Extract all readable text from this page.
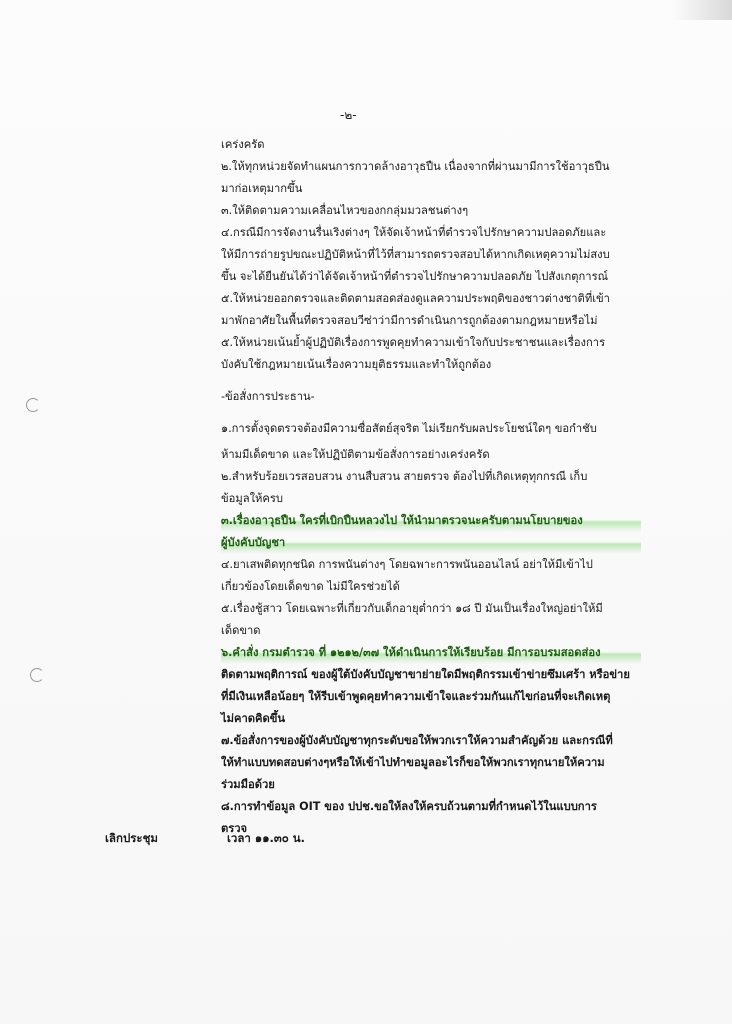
-๒-
เคร่งครัด
๒.ให้ทุกหน่วยจัดทำแผนการกวาดล้างอาวุธปืน เนื่องจากที่ผ่านมามีการใช้อาวุธปืน
มาก่อเหตุมากขึ้น
๓.ให้ติดตามความเคลื่อนไหวของกกลุ่มมวลชนต่างๆ
๔.กรณีมีการจัดงานรื่นเริงต่างๆ ให้จัดเจ้าหน้าที่ตำรวจไปรักษาความปลอดภัยและ
ให้มีการถ่ายรูปขณะปฏิบัติหน้าที่ไว้ที่สามารถตรวจสอบได้หากเกิดเหตุความไม่สงบ
ขึ้น จะได้ยืนยันได้ว่าได้จัดเจ้าหน้าที่ตำรวจไปรักษาความปลอดภัย ไปสังเกตุการณ์
๕.ให้หน่วยออกตรวจและติดตามสอดส่องดูแลความประพฤติของชาวต่างชาติที่เข้า
มาพักอาศัยในพื้นที่ตรวจสอบวีซ่าว่ามีการดำเนินการถูกต้องตามกฎหมายหรือไม่
๕.ให้หน่วยเน้นย้ำผู้ปฏิบัติเรื่องการพูดคุยทำความเข้าใจกับประชาชนและเรื่องการ
บังคับใช้กฎหมายเน้นเรื่องความยุติธรรมและทำให้ถูกต้อง
-ข้อสั่งการประธาน-
๑.การตั้งจุดตรวจต้องมีความซื่อสัตย์สุจริต ไม่เรียกรับผลประโยชน์ใดๆ ขอกำชับ
ห้ามมีเด็ดขาด และให้ปฏิบัติตามข้อสั่งการอย่างเคร่งครัด
๒.สำหรับร้อยเวรสอบสวน งานสืบสวน สายตรวจ ต้องไปที่เกิดเหตุทุกกรณี เก็บ
ข้อมูลให้ครบ
๓.เรื่องอาวุธปืน ใครที่เบิกปืนหลวงไป ให้นำมาตรวจนะครับตามนโยบายของ
ผู้บังคับบัญชา
๔.ยาเสพติดทุกชนิด การพนันต่างๆ โดยฉพาะการพนันออนไลน์ อย่าให้มีเข้าไป
เกี่ยวข้องโดยเด็ดขาด ไม่มีใครช่วยได้
๕.เรื่องชู้สาว โดยเฉพาะที่เกี่ยวกับเด็กอายุต่ำกว่า ๑๘ ปี มันเป็นเรื่องใหญ่อย่าให้มี
เด็ดขาด
๖.คำสั่ง กรมตำรวจ ที่ ๑๒๑๒/๓๗ ให้ดำเนินการให้เรียบร้อย มีการอบรมสอดส่อง
ติดตามพฤติการณ์ ของผู้ใต้บังคับบัญชาขาย่ายใดมีพฤติกรรมเข้าข่ายซึมเศร้า หรือข่าย
ที่มีเงินเหลือน้อยๆ ให้รีบเข้าพูดคุยทำความเข้าใจและร่วมกันแก้ไขก่อนที่จะเกิดเหตุ
ไม่คาดคิดขึ้น
๗.ข้อสั่งการของผู้บังคับบัญชาทุกระดับขอให้พวกเราให้ความสำคัญด้วย และกรณีที่
ให้ทำแบบทดสอบต่างๆหรือให้เข้าไปทำขอมูลอะไรก็ขอให้พวกเราทุกนายให้ความ
ร่วมมือด้วย
๘.การทำข้อมูล OIT ของ ปปช.ขอให้ลงให้ครบถ้วนตามที่กำหนดไว้ในแบบการ
ตรวจ
เลิกประชุม	เวลา ๑๑.๓๐ น.
